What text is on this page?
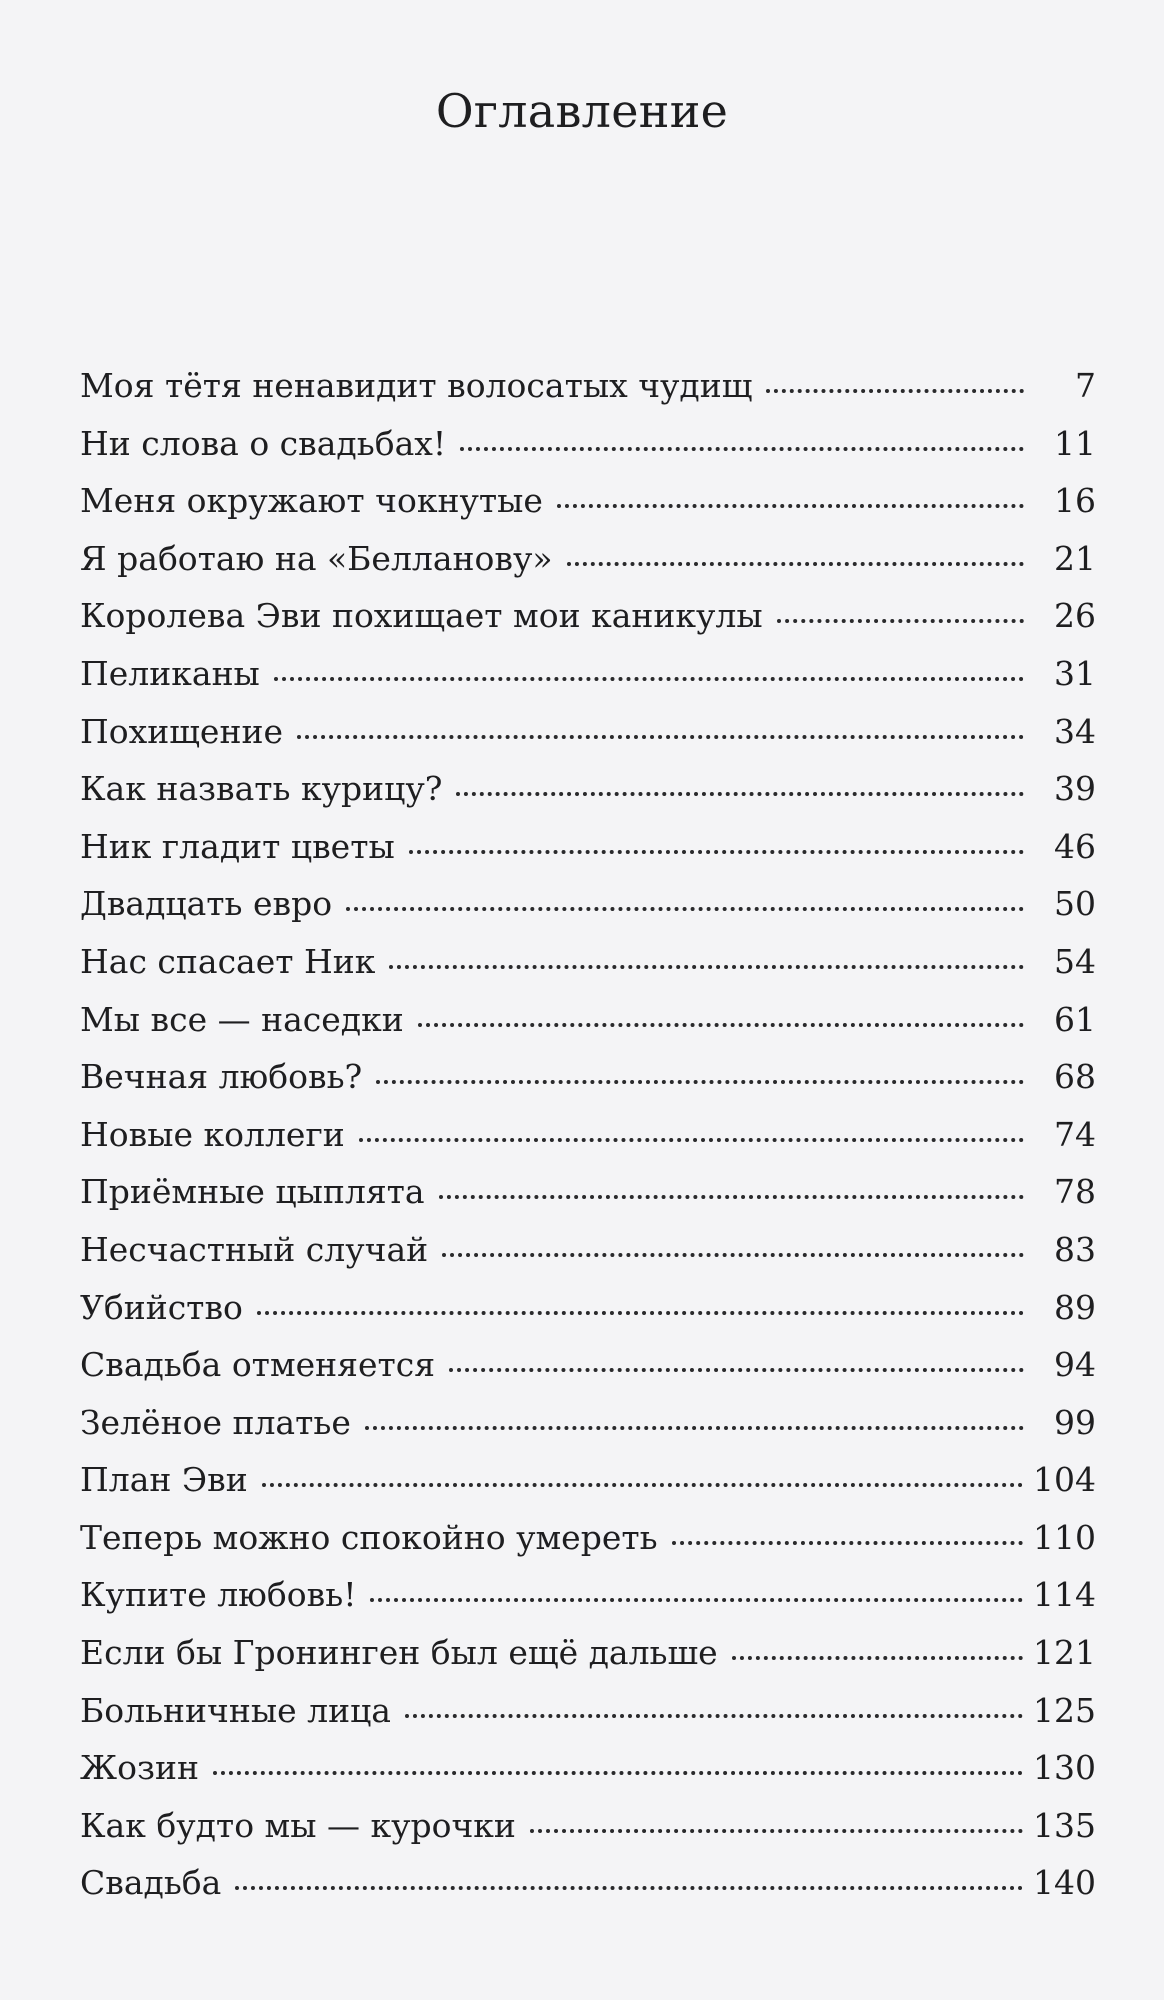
Оглавление
Моя тётя ненавидит волосатых чудищ	7
Ни слова о свадьбах!	11
Меня окружают чокнутые	16
Я работаю на «Белланову»	21
Королева Эви похищает мои каникулы	26
Пеликаны	31
Похищение	34
Как назвать курицу?	39
Ник гладит цветы	46
Двадцать евро	50
Нас спасает Ник	54
Мы все — наседки	61
Вечная любовь?	68
Новые коллеги	74
Приёмные цыплята	78
Несчастный случай	83
Убийство	89
Свадьба отменяется	94
Зелёное платье	99
План Эви	104
Теперь можно спокойно умереть	110
Купите любовь!	114
Если бы Гронинген был ещё дальше	121
Больничные лица	125
Жозин	130
Как будто мы — курочки	135
Свадьба	140
